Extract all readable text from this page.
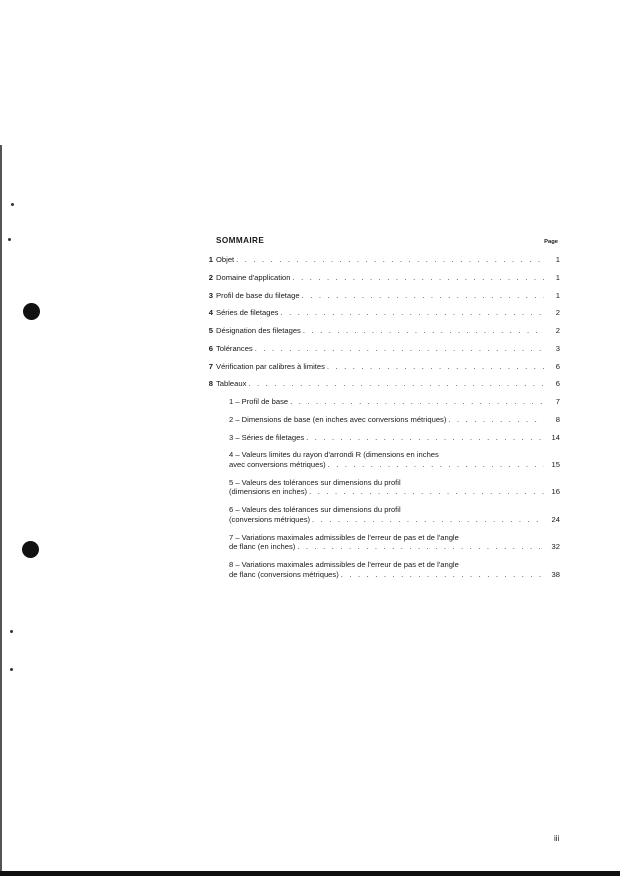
SOMMAIRE	Page
1 Objet . . .	1
2 Domaine d'application . . .	1
3 Profil de base du filetage . . .	1
4 Séries de filetages . . .	2
5 Désignation des filetages . . .	2
6 Tolérances . . .	3
7 Vérification par calibres à limites . . .	6
8 Tableaux . . .	6
1 – Profil de base . . .	7
2 – Dimensions de base (en inches avec conversions métriques) . . .	8
3 – Séries de filetages . . .	14
4 – Valeurs limites du rayon d'arrondi R (dimensions en inches
avec conversions métriques) . . .	15
5 – Valeurs des tolérances sur dimensions du profil
(dimensions en inches) . . .	16
6 – Valeurs des tolérances sur dimensions du profil
(conversions métriques) . . .	24
7 – Variations maximales admissibles de l'erreur de pas et de l'angle
de flanc (en inches) . . .	32
8 – Variations maximales admissibles de l'erreur de pas et de l'angle
de flanc (conversions métriques) . . .	38
iii
